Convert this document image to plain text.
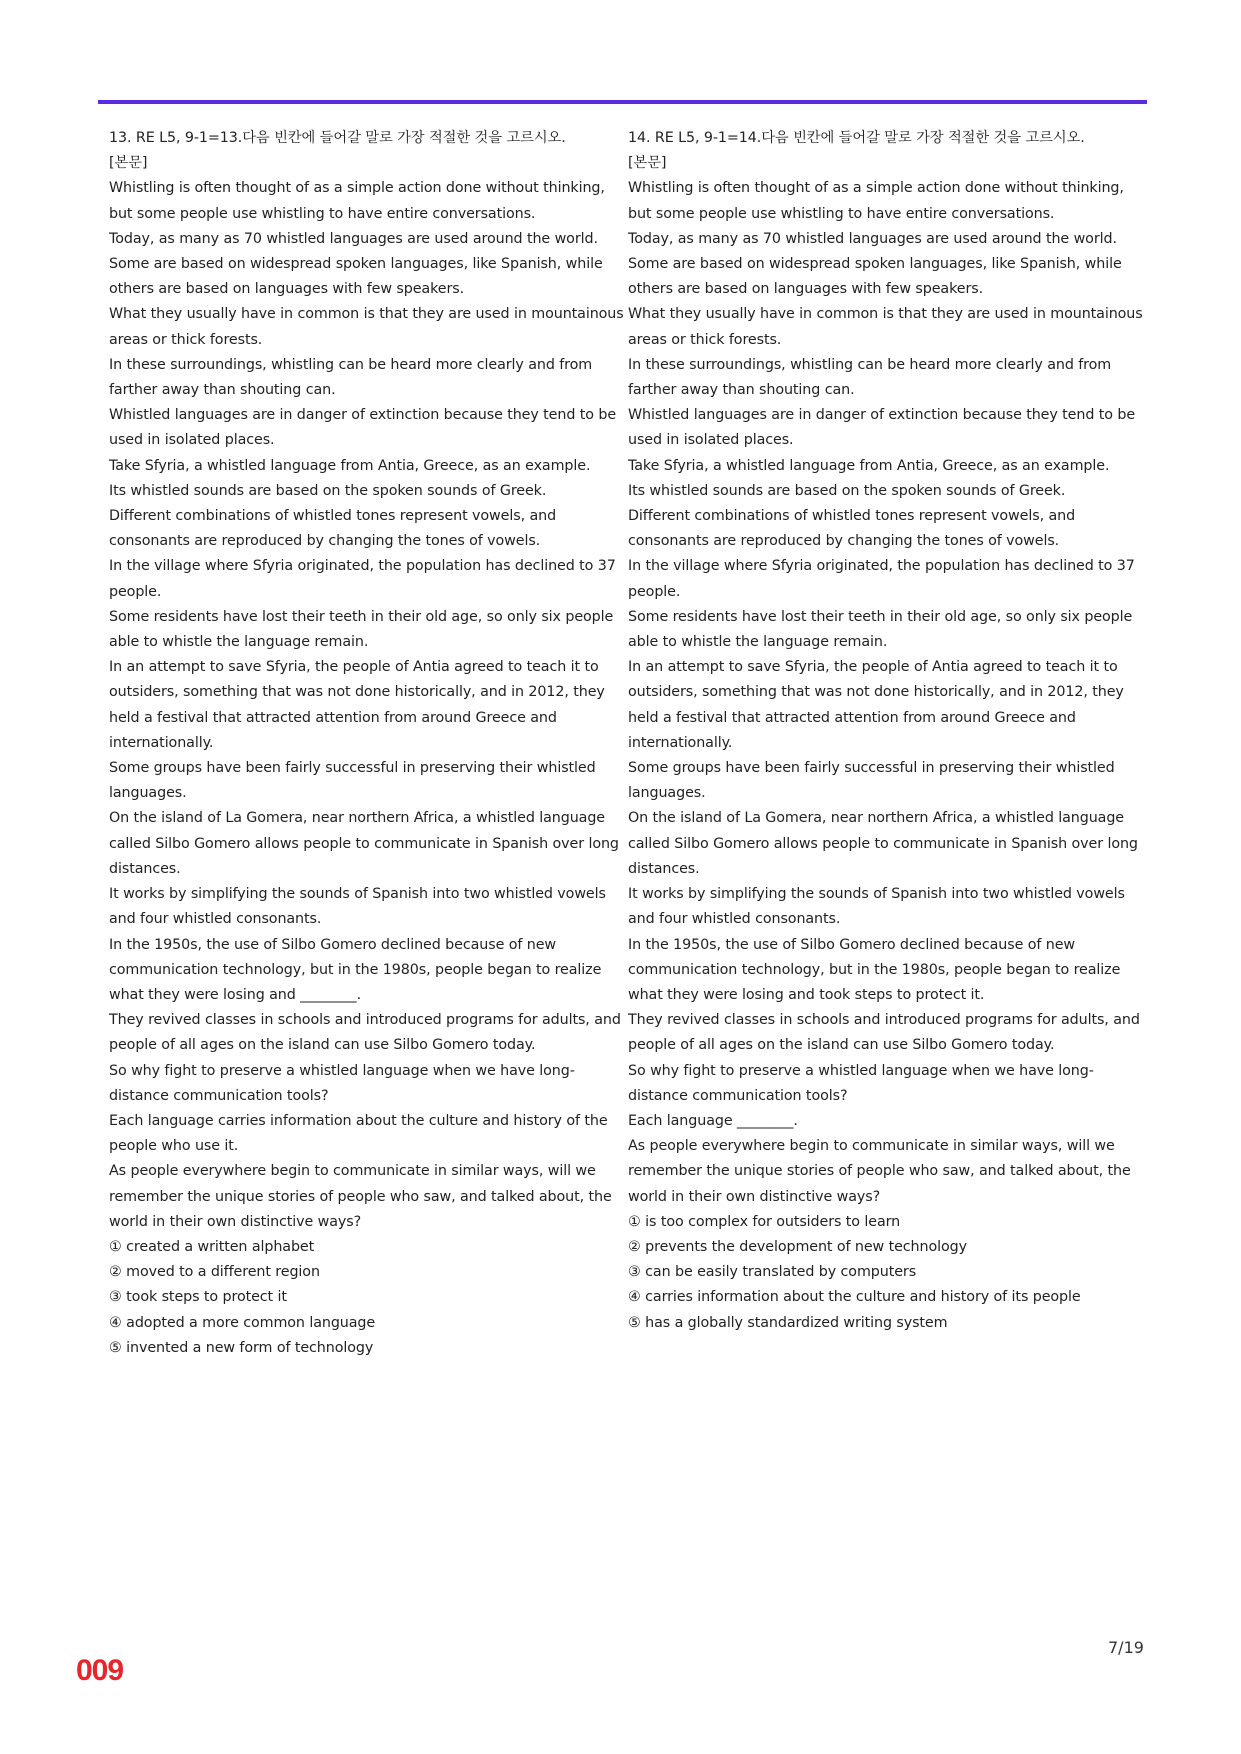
13. RE L5, 9-1=13.다음 빈칸에 들어갈 말로 가장 적절한 것을 고르시오.

[본문]

Whistling is often thought of as a simple action done without thinking, but some people use whistling to have entire conversations.

Today, as many as 70 whistled languages are used around the world.

Some are based on widespread spoken languages, like Spanish, while others are based on languages with few speakers.

What they usually have in common is that they are used in mountainous areas or thick forests.

In these surroundings, whistling can be heard more clearly and from farther away than shouting can.

Whistled languages are in danger of extinction because they tend to be used in isolated places.

Take Sfyria, a whistled language from Antia, Greece, as an example.

Its whistled sounds are based on the spoken sounds of Greek.

Different combinations of whistled tones represent vowels, and consonants are reproduced by changing the tones of vowels.

In the village where Sfyria originated, the population has declined to 37 people.

Some residents have lost their teeth in their old age, so only six people able to whistle the language remain.

In an attempt to save Sfyria, the people of Antia agreed to teach it to outsiders, something that was not done historically, and in 2012, they held a festival that attracted attention from around Greece and internationally.

Some groups have been fairly successful in preserving their whistled languages.

On the island of La Gomera, near northern Africa, a whistled language called Silbo Gomero allows people to communicate in Spanish over long distances.

It works by simplifying the sounds of Spanish into two whistled vowels and four whistled consonants.

In the 1950s, the use of Silbo Gomero declined because of new communication technology, but in the 1980s, people began to realize what they were losing and ________.

They revived classes in schools and introduced programs for adults, and people of all ages on the island can use Silbo Gomero today.

So why fight to preserve a whistled language when we have long-distance communication tools?

Each language carries information about the culture and history of the people who use it.

As people everywhere begin to communicate in similar ways, will we remember the unique stories of people who saw, and talked about, the world in their own distinctive ways?

① created a written alphabet

② moved to a different region

③ took steps to protect it

④ adopted a more common language

⑤ invented a new form of technology

14. RE L5, 9-1=14.다음 빈칸에 들어갈 말로 가장 적절한 것을 고르시오.

[본문]

Whistling is often thought of as a simple action done without thinking, but some people use whistling to have entire conversations.

Today, as many as 70 whistled languages are used around the world.

Some are based on widespread spoken languages, like Spanish, while others are based on languages with few speakers.

What they usually have in common is that they are used in mountainous areas or thick forests.

In these surroundings, whistling can be heard more clearly and from farther away than shouting can.

Whistled languages are in danger of extinction because they tend to be used in isolated places.

Take Sfyria, a whistled language from Antia, Greece, as an example.

Its whistled sounds are based on the spoken sounds of Greek.

Different combinations of whistled tones represent vowels, and consonants are reproduced by changing the tones of vowels.

In the village where Sfyria originated, the population has declined to 37 people.

Some residents have lost their teeth in their old age, so only six people able to whistle the language remain.

In an attempt to save Sfyria, the people of Antia agreed to teach it to outsiders, something that was not done historically, and in 2012, they held a festival that attracted attention from around Greece and internationally.

Some groups have been fairly successful in preserving their whistled languages.

On the island of La Gomera, near northern Africa, a whistled language called Silbo Gomero allows people to communicate in Spanish over long distances.

It works by simplifying the sounds of Spanish into two whistled vowels and four whistled consonants.

In the 1950s, the use of Silbo Gomero declined because of new communication technology, but in the 1980s, people began to realize what they were losing and took steps to protect it.

They revived classes in schools and introduced programs for adults, and people of all ages on the island can use Silbo Gomero today.

So why fight to preserve a whistled language when we have long-distance communication tools?

Each language ________.

As people everywhere begin to communicate in similar ways, will we remember the unique stories of people who saw, and talked about, the world in their own distinctive ways?

① is too complex for outsiders to learn

② prevents the development of new technology

③ can be easily translated by computers

④ carries information about the culture and history of its people

⑤ has a globally standardized writing system

7/19
009
